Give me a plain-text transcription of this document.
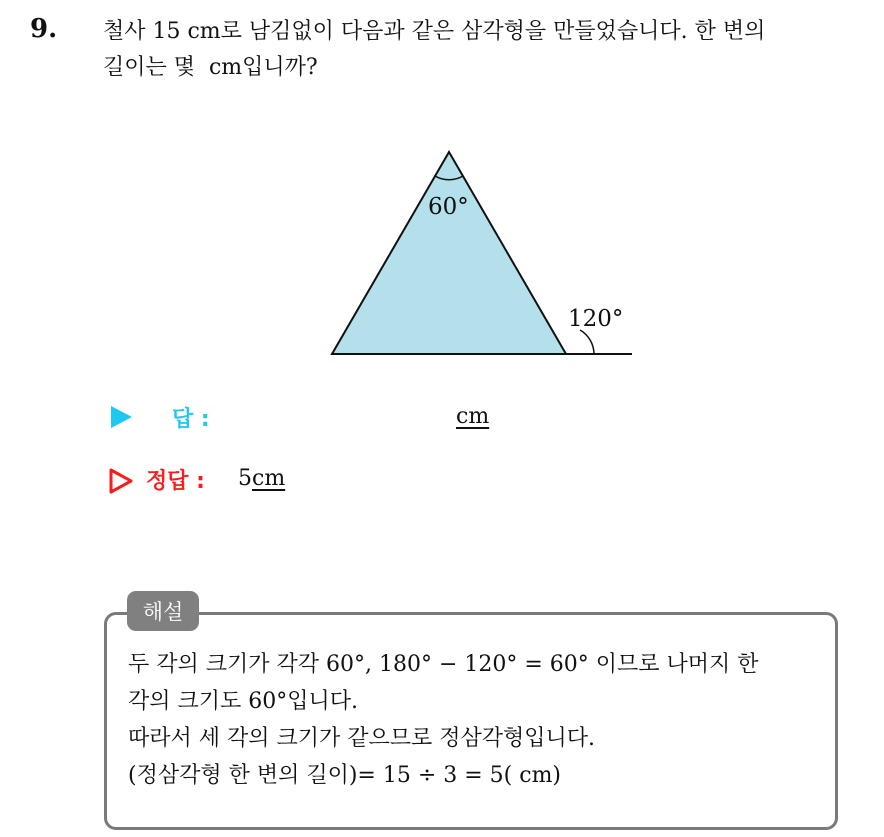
9. 철사 15 cm로 남김없이 다음과 같은 삼각형을 만들었습니다. 한 변의
길이는 몇  cm입니까?
60°
120°
답 :	cm
정답 : 5cm
해설
두 각의 크기가 각각 60°, 180° − 120° = 60° 이므로 나머지 한
각의 크기도 60°입니다.
따라서 세 각의 크기가 같으므로 정삼각형입니다.
(정삼각형 한 변의 길이)= 15 ÷ 3 = 5( cm)
